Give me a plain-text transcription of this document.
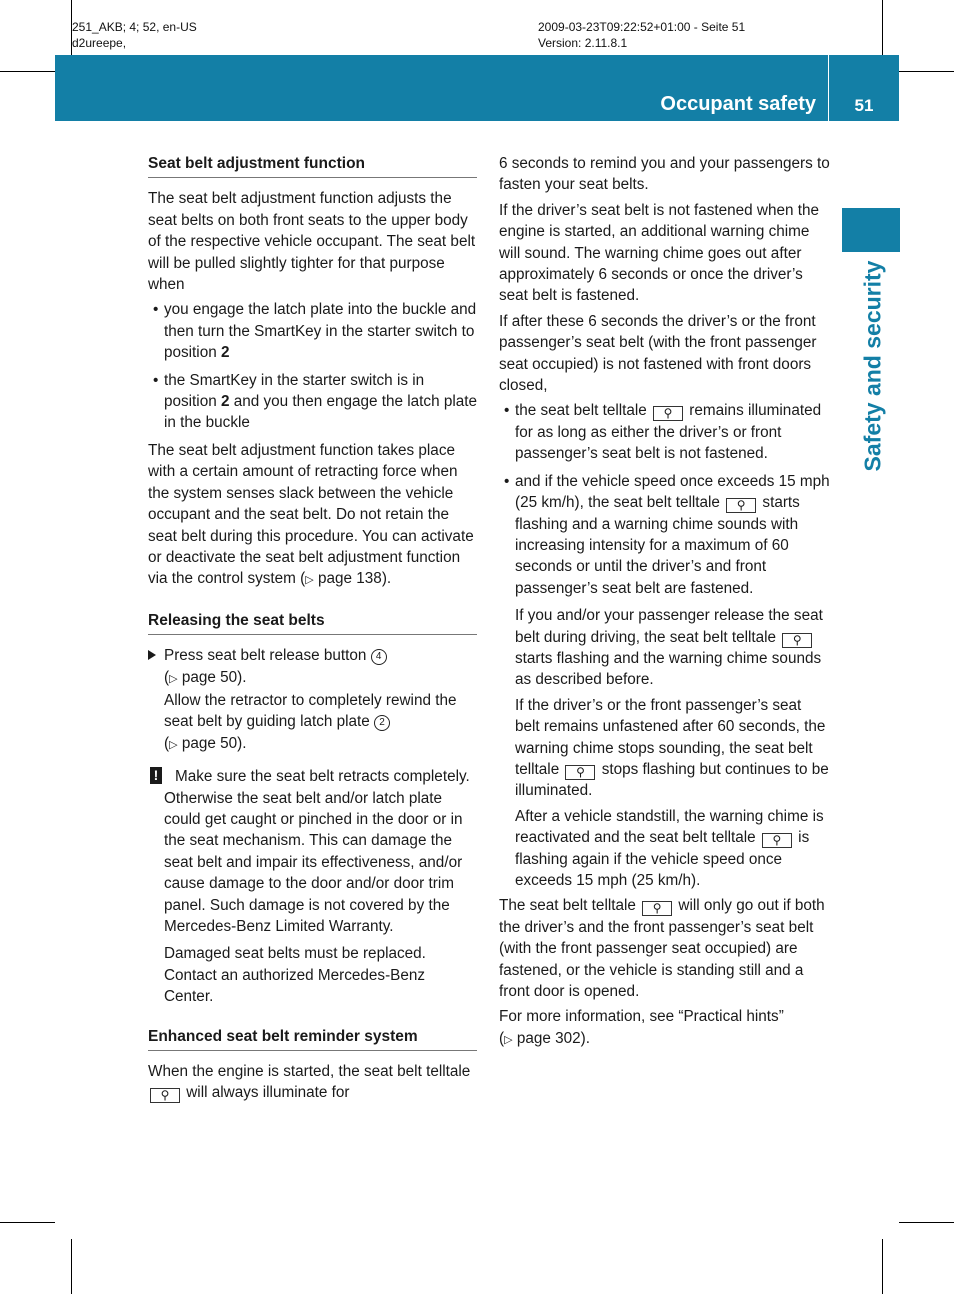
251_AKB; 4; 52, en-US
d2ureepe,
2009-03-23T09:22:52+01:00 - Seite 51
Version: 2.11.8.1
Occupant safety	51
Safety and security
Seat belt adjustment function

The seat belt adjustment function adjusts the seat belts on both front seats to the upper body of the respective vehicle occupant. The seat belt will be pulled slightly tighter for that purpose when

• you engage the latch plate into the buckle and then turn the SmartKey in the starter switch to position 2
• the SmartKey in the starter switch is in position 2 and you then engage the latch plate in the buckle

The seat belt adjustment function takes place with a certain amount of retracting force when the system senses slack between the vehicle occupant and the seat belt. Do not retain the seat belt during this procedure. You can activate or deactivate the seat belt adjustment function via the control system (▷ page 138).

Releasing the seat belts
Press seat belt release button 4
(▷ page 50).
Allow the retractor to completely rewind the seat belt by guiding latch plate 2
(▷ page 50).
!	Make sure the seat belt retracts completely. Otherwise the seat belt and/or latch plate could get caught or pinched in the door or in the seat mechanism. This can damage the seat belt and impair its effectiveness, and/or cause damage to the door and/or door trim panel. Such damage is not covered by the Mercedes-Benz Limited Warranty.

Damaged seat belts must be replaced. Contact an authorized Mercedes-Benz Center.

Enhanced seat belt reminder system

When the engine is started, the seat belt telltale ⚲ will always illuminate for

6 seconds to remind you and your passengers to fasten your seat belts.

If the driver’s seat belt is not fastened when the engine is started, an additional warning chime will sound. The warning chime goes out after approximately 6 seconds or once the driver’s seat belt is fastened.

If after these 6 seconds the driver’s or the front passenger’s seat belt (with the front passenger seat occupied) is not fastened with front doors closed,

• the seat belt telltale ⚲ remains illuminated for as long as either the driver’s or front passenger’s seat belt is not fastened.
• and if the vehicle speed once exceeds 15 mph (25 km/h), the seat belt telltale ⚲ starts flashing and a warning chime sounds with increasing intensity for a maximum of 60 seconds or until the driver’s and front passenger’s seat belt are fastened.

If you and/or your passenger release the seat belt during driving, the seat belt telltale ⚲ starts flashing and the warning chime sounds as described before.

If the driver’s or the front passenger’s seat belt remains unfastened after 60 seconds, the warning chime stops sounding, the seat belt telltale ⚲ stops flashing but continues to be illuminated.

After a vehicle standstill, the warning chime is reactivated and the seat belt telltale ⚲ is flashing again if the vehicle speed once exceeds 15 mph (25 km/h).

The seat belt telltale ⚲ will only go out if both the driver’s and the front passenger’s seat belt (with the front passenger seat occupied) are fastened, or the vehicle is standing still and a front door is opened.

For more information, see “Practical hints”
(▷ page 302).
